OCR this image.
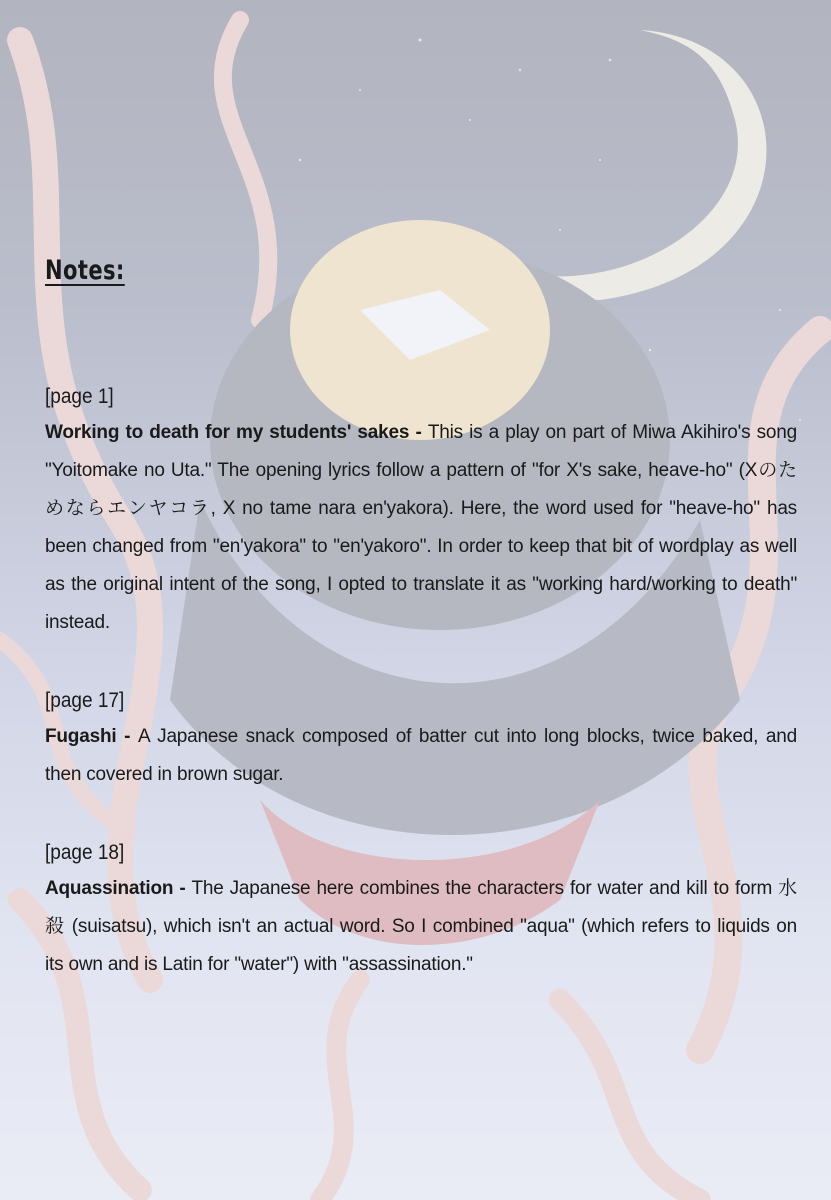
Notes:
[page 1]
Working to death for my students' sakes - This is a play on part of Miwa Akihiro's song "Yoitomake no Uta." The opening lyrics follow a pattern of "for X's sake, heave-ho" (Xのためならエンヤコラ, X no tame nara en'yakora). Here, the word used for "heave-ho" has been changed from "en'yakora" to "en'yakoro". In order to keep that bit of wordplay as well as the original intent of the song, I opted to translate it as "working hard/working to death" instead.
[page 17]
Fugashi - A Japanese snack composed of batter cut into long blocks, twice baked, and then covered in brown sugar.
[page 18]
Aquassination - The Japanese here combines the characters for water and kill to form 水殺 (suisatsu), which isn't an actual word. So I combined "aqua" (which refers to liquids on its own and is Latin for "water") with "assassination."
